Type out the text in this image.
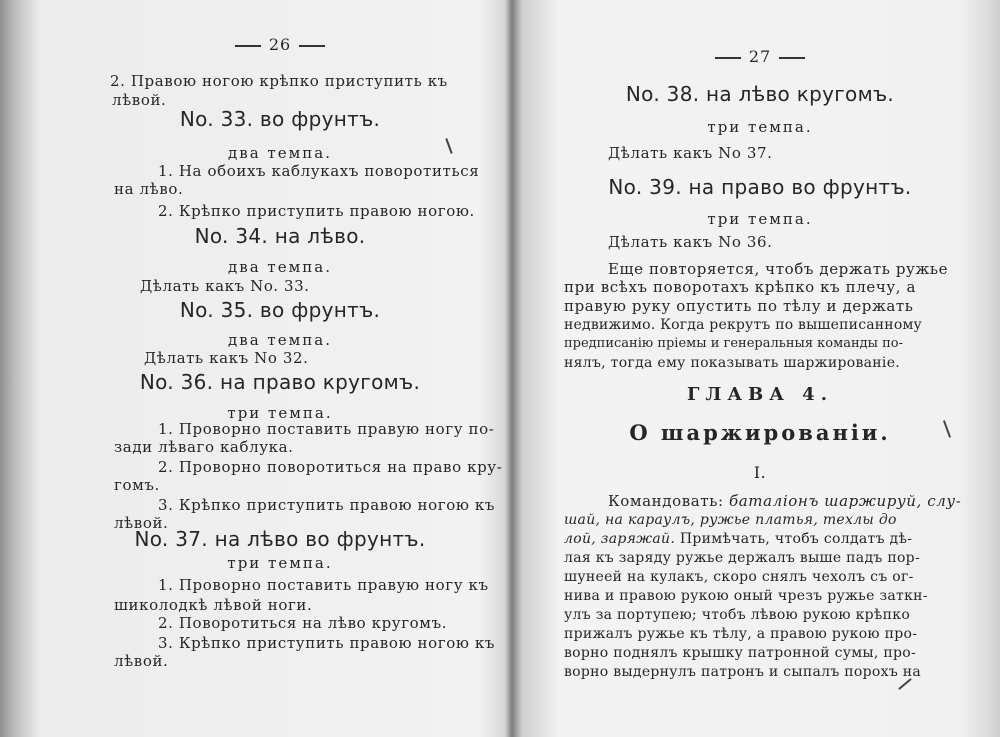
26
2. Правою ногою крѣпко приступить къ
лѣвой.
No. 33. во фрунтъ.
два темпа.
1. На обоихъ каблукахъ поворотиться
на лѣво.
2. Крѣпко приступить правою ногою.
No. 34. на лѣво.
два темпа.
Дѣлать какъ No. 33.
No. 35. во фрунтъ.
два темпа.
Дѣлать какъ No 32.
No. 36. на право кругомъ.
три темпа.
1. Проворно поставить правую ногу по-
зади лѣваго каблука.
2. Проворно поворотиться на право кру-
гомъ.
3. Крѣпко приступить правою ногою къ
лѣвой.
No. 37. на лѣво во фрунтъ.
три темпа.
1. Проворно поставить правую ногу къ
шиколодкѣ лѣвой ноги.
2. Поворотиться на лѣво кругомъ.
3. Крѣпко приступить правою ногою къ
лѣвой.
27
No. 38. на лѣво кругомъ.
три темпа.
Дѣлать какъ No 37.
No. 39. на право во фрунтъ.
три темпа.
Дѣлать какъ No 36.
Еще повторяется, чтобъ держать ружье
при всѣхъ поворотахъ крѣпко къ плечу, а
правую руку опустить по тѣлу и держать
недвижимо. Когда рекрутъ по вышеписанному
предписанію пріемы и генеральныя команды по-
нялъ, тогда ему показывать шаржированіе.
ГЛАВА 4.
О шаржированіи.
I.
Командовать: баталіонъ шаржируй, слу-
шай, на караулъ, ружье платья, техлы до
лой, заряжай. Примѣчать, чтобъ солдатъ дѣ-
лая къ заряду ружье держалъ выше падъ пор-
шунеей на кулакъ, скоро снялъ чехолъ съ ог-
нива и правою рукою оный чрезъ ружье заткн-
улъ за портупею; чтобъ лѣвою рукою крѣпко
прижалъ ружье къ тѣлу, а правою рукою про-
ворно поднялъ крышку патронной сумы, про-
ворно выдернулъ патронъ и сыпалъ порохъ на
